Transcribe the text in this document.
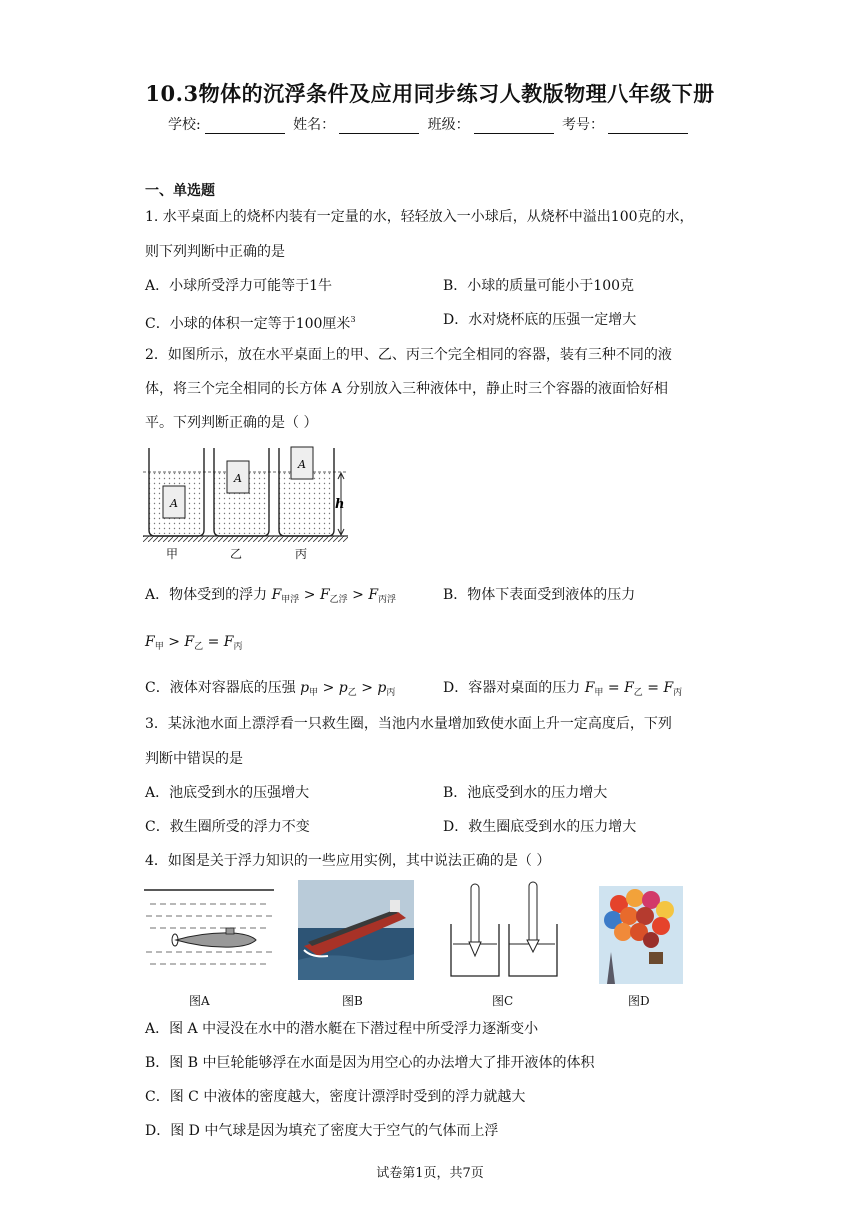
10.3物体的沉浮条件及应用同步练习人教版物理八年级下册
学校:	姓名：	班级：	考号：
一、单选题
1. 水平桌面上的烧杯内装有一定量的水，轻轻放入一小球后，从烧杯中溢出100克的水，
则下列判断中正确的是
A．小球所受浮力可能等于1牛	B．小球的质量可能小于100克
C．小球的体积一定等于100厘米$^3$	D．水对烧杯底的压强一定增大
2．如图所示，放在水平桌面上的甲、乙、丙三个完全相同的容器，装有三种不同的液
体，将三个完全相同的长方体 A 分别放入三种液体中，静止时三个容器的液面恰好相
平。下列判断正确的是（ ）
A
A
A
h
甲	乙	丙
A．物体受到的浮力 $F_{甲浮} > F_{乙浮} > F_{丙浮}$	B．物体下表面受到液体的压力
$F_甲 > F_乙 = F_丙$
C．液体对容器底的压强 $p_甲 > p_乙 > p_丙$	D．容器对桌面的压力 $F_甲 = F_乙 = F_丙$
3．某泳池水面上漂浮看一只救生圈，当池内水量增加致使水面上升一定高度后，下列
判断中错误的是
A．池底受到水的压强增大	B．池底受到水的压力增大
C．救生圈所受的浮力不变	D．救生圈底受到水的压力增大
4．如图是关于浮力知识的一些应用实例，其中说法正确的是（ ）
图A	图B	图C	图D
A．图 A 中浸没在水中的潜水艇在下潜过程中所受浮力逐渐变小
B．图 B 中巨轮能够浮在水面是因为用空心的办法增大了排开液体的体积
C．图 C 中液体的密度越大，密度计漂浮时受到的浮力就越大
D．图 D 中气球是因为填充了密度大于空气的气体而上浮
试卷第1页，共7页
